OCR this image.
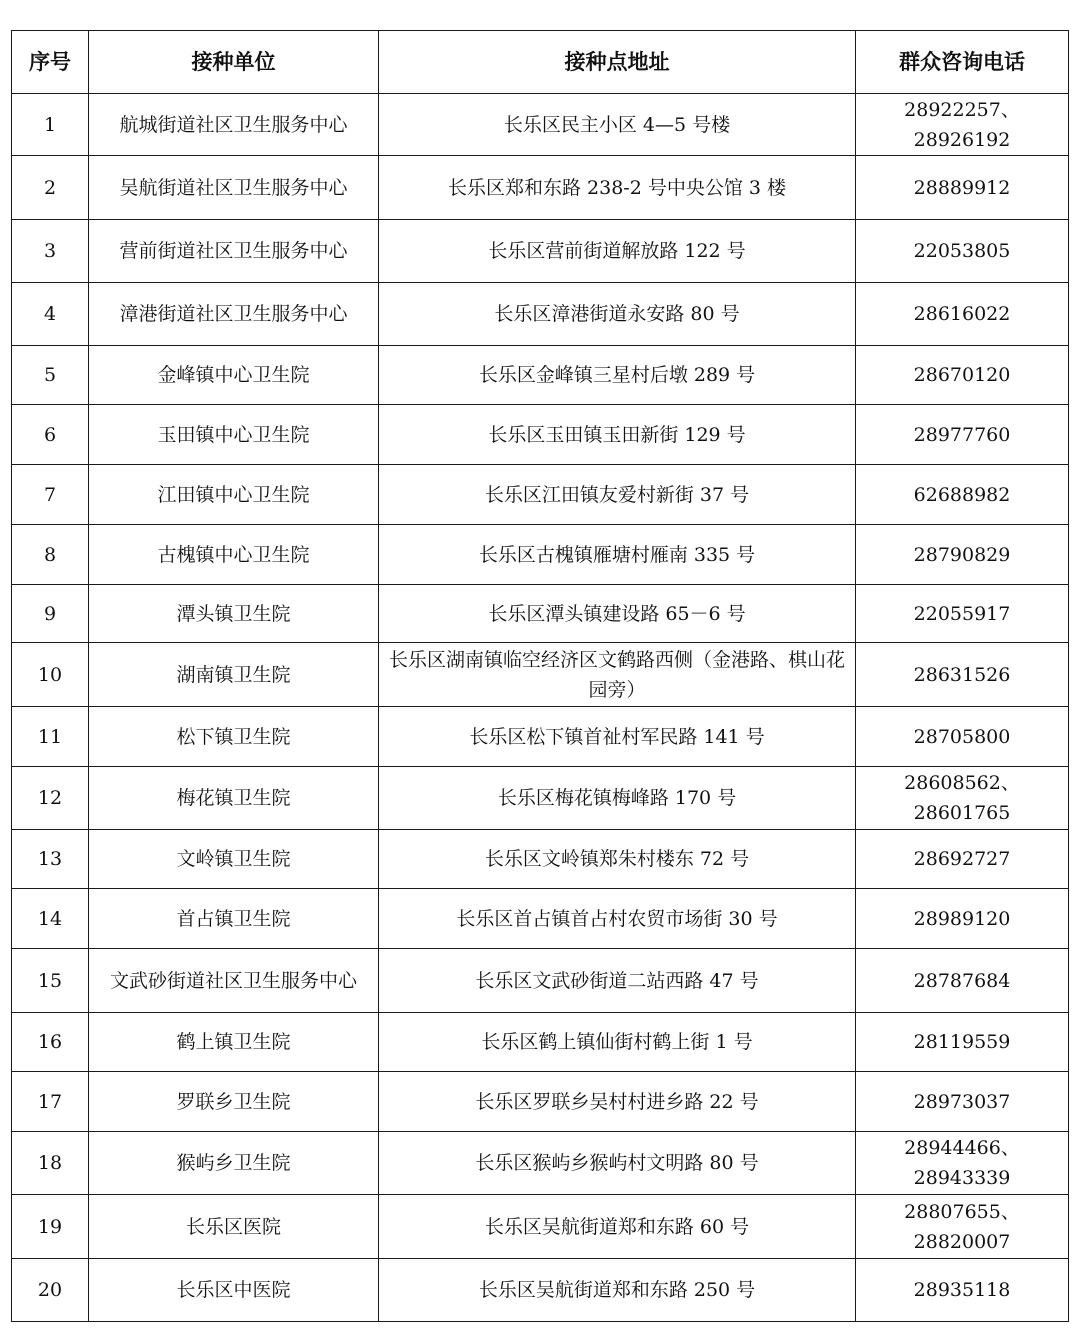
序号	接种单位	接种点地址	群众咨询电话
1	航城街道社区卫生服务中心	长乐区民主小区 4—5 号楼	28922257、28926192
2	吴航街道社区卫生服务中心	长乐区郑和东路 238-2 号中央公馆 3 楼	28889912
3	营前街道社区卫生服务中心	长乐区营前街道解放路 122 号	22053805
4	漳港街道社区卫生服务中心	长乐区漳港街道永安路 80 号	28616022
5	金峰镇中心卫生院	长乐区金峰镇三星村后墩 289 号	28670120
6	玉田镇中心卫生院	长乐区玉田镇玉田新街 129 号	28977760
7	江田镇中心卫生院	长乐区江田镇友爱村新街 37 号	62688982
8	古槐镇中心卫生院	长乐区古槐镇雁塘村雁南 335 号	28790829
9	潭头镇卫生院	长乐区潭头镇建设路 65－6 号	22055917
10	湖南镇卫生院	长乐区湖南镇临空经济区文鹤路西侧（金港路、棋山花园旁）	28631526
11	松下镇卫生院	长乐区松下镇首祉村军民路 141 号	28705800
12	梅花镇卫生院	长乐区梅花镇梅峰路 170 号	28608562、28601765
13	文岭镇卫生院	长乐区文岭镇郑朱村楼东 72 号	28692727
14	首占镇卫生院	长乐区首占镇首占村农贸市场街 30 号	28989120
15	文武砂街道社区卫生服务中心	长乐区文武砂街道二站西路 47 号	28787684
16	鹤上镇卫生院	长乐区鹤上镇仙街村鹤上街 1 号	28119559
17	罗联乡卫生院	长乐区罗联乡吴村村进乡路 22 号	28973037
18	猴屿乡卫生院	长乐区猴屿乡猴屿村文明路 80 号	28944466、28943339
19	长乐区医院	长乐区吴航街道郑和东路 60 号	28807655、28820007
20	长乐区中医院	长乐区吴航街道郑和东路 250 号	28935118
